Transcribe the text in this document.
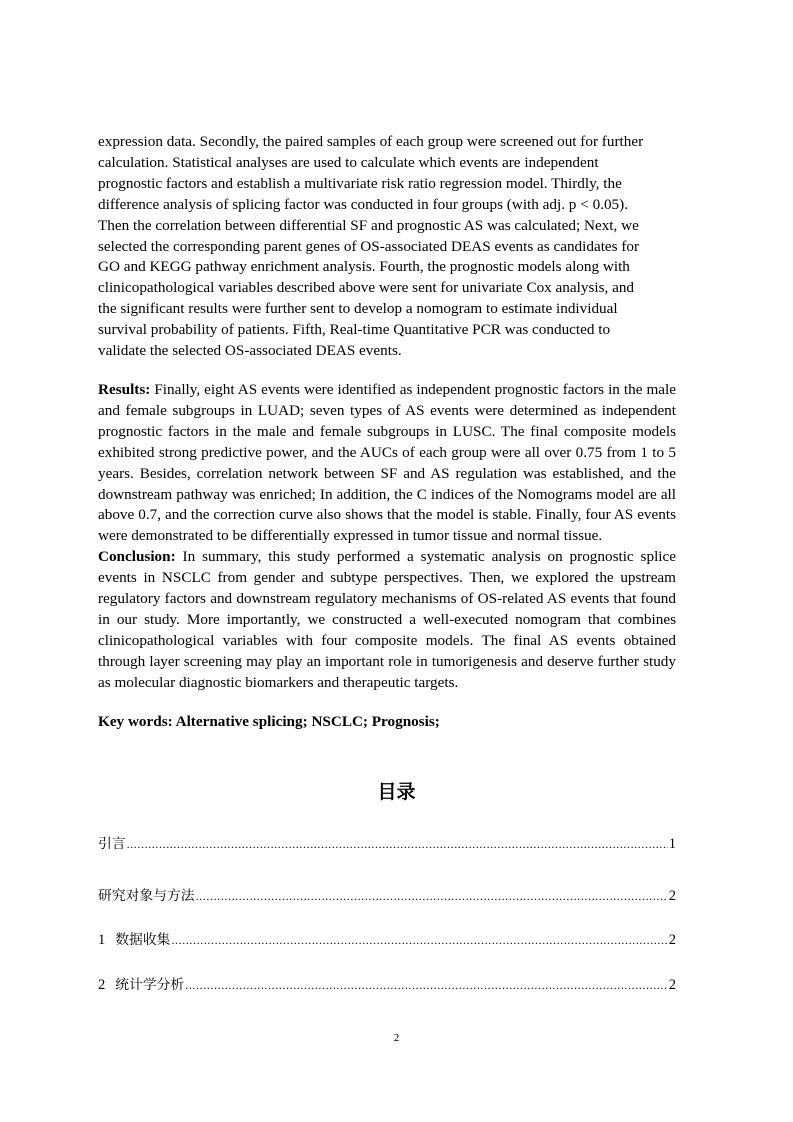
expression data. Secondly, the paired samples of each group were screened out for further
calculation. Statistical analyses are used to calculate which events are independent
prognostic factors and establish a multivariate risk ratio regression model. Thirdly, the
difference analysis of splicing factor was conducted in four groups (with adj. p < 0.05).
Then the correlation between differential SF and prognostic AS was calculated; Next, we
selected the corresponding parent genes of OS-associated DEAS events as candidates for
GO and KEGG pathway enrichment analysis. Fourth, the prognostic models along with
clinicopathological variables described above were sent for univariate Cox analysis, and
the significant results were further sent to develop a nomogram to estimate individual
survival probability of patients. Fifth, Real-time Quantitative PCR was conducted to
validate the selected OS-associated DEAS events.

Results: Finally, eight AS events were identified as independent prognostic factors in the male and female subgroups in LUAD; seven types of AS events were determined as independent prognostic factors in the male and female subgroups in LUSC. The final composite models exhibited strong predictive power, and the AUCs of each group were all over 0.75 from 1 to 5 years. Besides, correlation network between SF and AS regulation was established, and the downstream pathway was enriched; In addition, the C indices of the Nomograms model are all above 0.7, and the correction curve also shows that the model is stable. Finally, four AS events were demonstrated to be differentially expressed in tumor tissue and normal tissue.

Conclusion: In summary, this study performed a systematic analysis on prognostic splice events in NSCLC from gender and subtype perspectives. Then, we explored the upstream regulatory factors and downstream regulatory mechanisms of OS-related AS events that found in our study. More importantly, we constructed a well-executed nomogram that combines clinicopathological variables with four composite models. The final AS events obtained through layer screening may play an important role in tumorigenesis and deserve further study as molecular diagnostic biomarkers and therapeutic targets.

Key words: Alternative splicing; NSCLC; Prognosis;
目录
引言 .....	1
研究对象与方法 .....	2
1 数据收集 .....	2
2 统计学分析 .....	2
2
